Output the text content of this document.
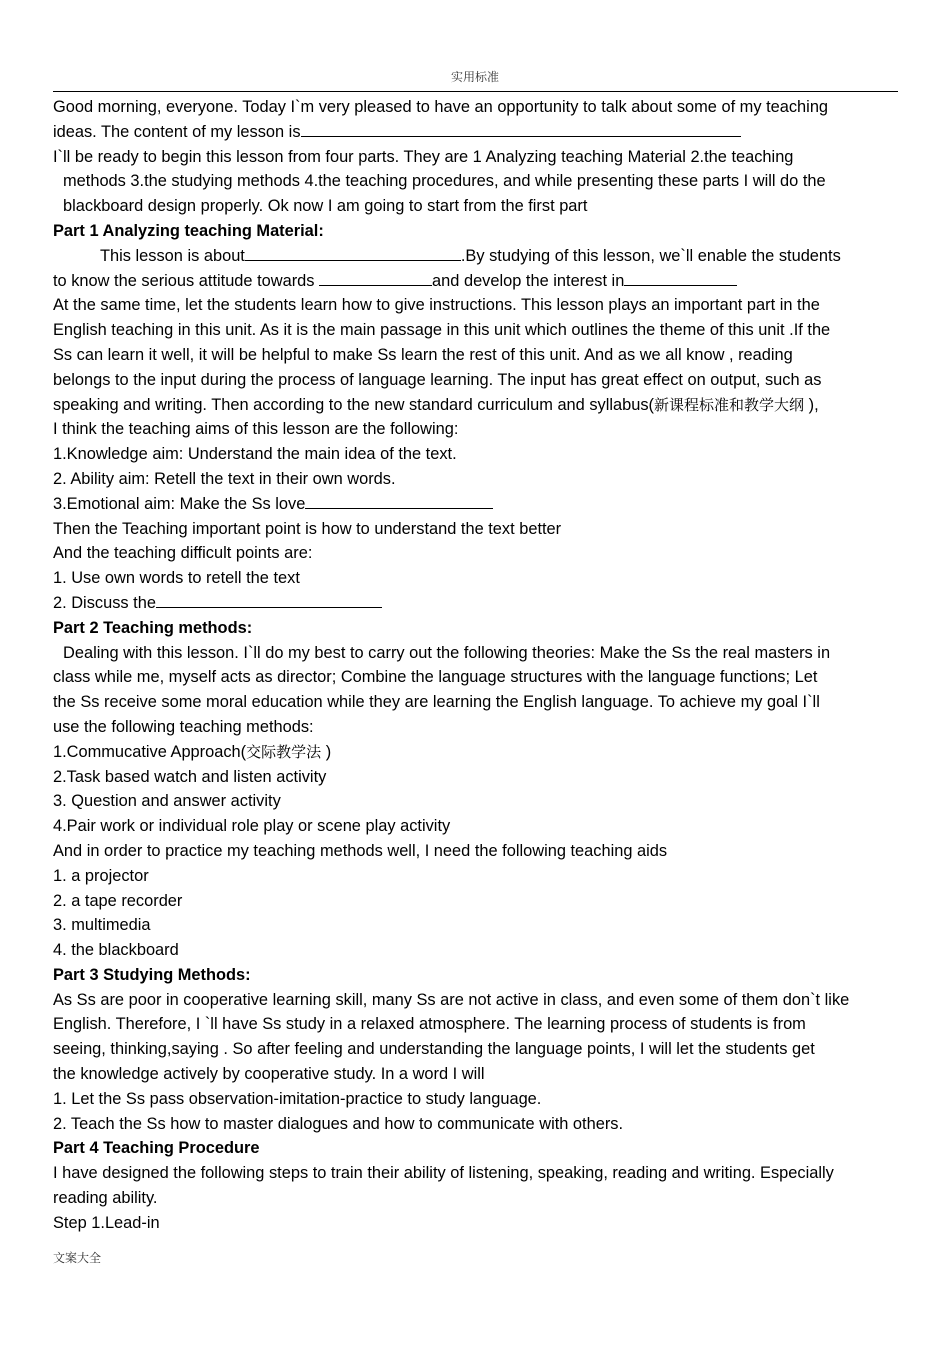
实用标准
Good morning, everyone. Today I`m very pleased to have an opportunity to talk about some of my teaching
ideas. The content of my lesson is
I`ll be ready to begin this lesson from four parts. They are 1 Analyzing teaching Material 2.the teaching
methods 3.the studying methods 4.the teaching procedures, and while presenting these parts I will do the
blackboard design properly. Ok now I am going to start from the first part
Part 1 Analyzing teaching Material:
This lesson is about	.By studying of this lesson, we`ll enable the students
to know the serious attitude towards	and develop the interest in
At the same time, let the students learn how to give instructions. This lesson plays an important part in the
English teaching in this unit. As it is the main passage in this unit which outlines the theme of this unit .If the
Ss can learn it well, it will be helpful to make Ss learn the rest of this unit. And as we all know , reading
belongs to the input during the process of language learning. The input has great effect on output, such as
speaking and writing. Then according to the new standard curriculum and syllabus(新课程标准和教学大纲 ),
I think the teaching aims of this lesson are the following:
1.Knowledge aim: Understand the main idea of the text.
2. Ability aim: Retell the text in their own words.
3.Emotional aim: Make the Ss love
Then the Teaching important point is how to understand the text better
And the teaching difficult points are:
1. Use own words to retell the text
2. Discuss the
Part 2 Teaching methods:
Dealing with this lesson. I`ll do my best to carry out the following theories: Make the Ss the real masters in
class while me, myself acts as director; Combine the language structures with the language functions; Let
the Ss receive some moral education while they are learning the English language. To achieve my goal I`ll
use the following teaching methods:
1.Commucative Approach(交际教学法 )
2.Task based watch and listen activity
3. Question and answer activity
4.Pair work or individual role play or scene play activity
And in order to practice my teaching methods well, I need the following teaching aids
1. a projector
2. a tape recorder
3. multimedia
4. the blackboard
Part 3 Studying Methods:
As Ss are poor in cooperative learning skill, many Ss are not active in class, and even some of them don`t like
English. Therefore, I `ll have Ss study in a relaxed atmosphere. The learning process of students is from
seeing, thinking,saying . So after feeling and understanding the language points, I will let the students get
the knowledge actively by cooperative study. In a word I will
1. Let the Ss pass observation-imitation-practice to study language.
2. Teach the Ss how to master dialogues and how to communicate with others.
Part 4 Teaching Procedure
I have designed the following steps to train their ability of listening, speaking, reading and writing. Especially
reading ability.
Step 1.Lead-in
文案大全
